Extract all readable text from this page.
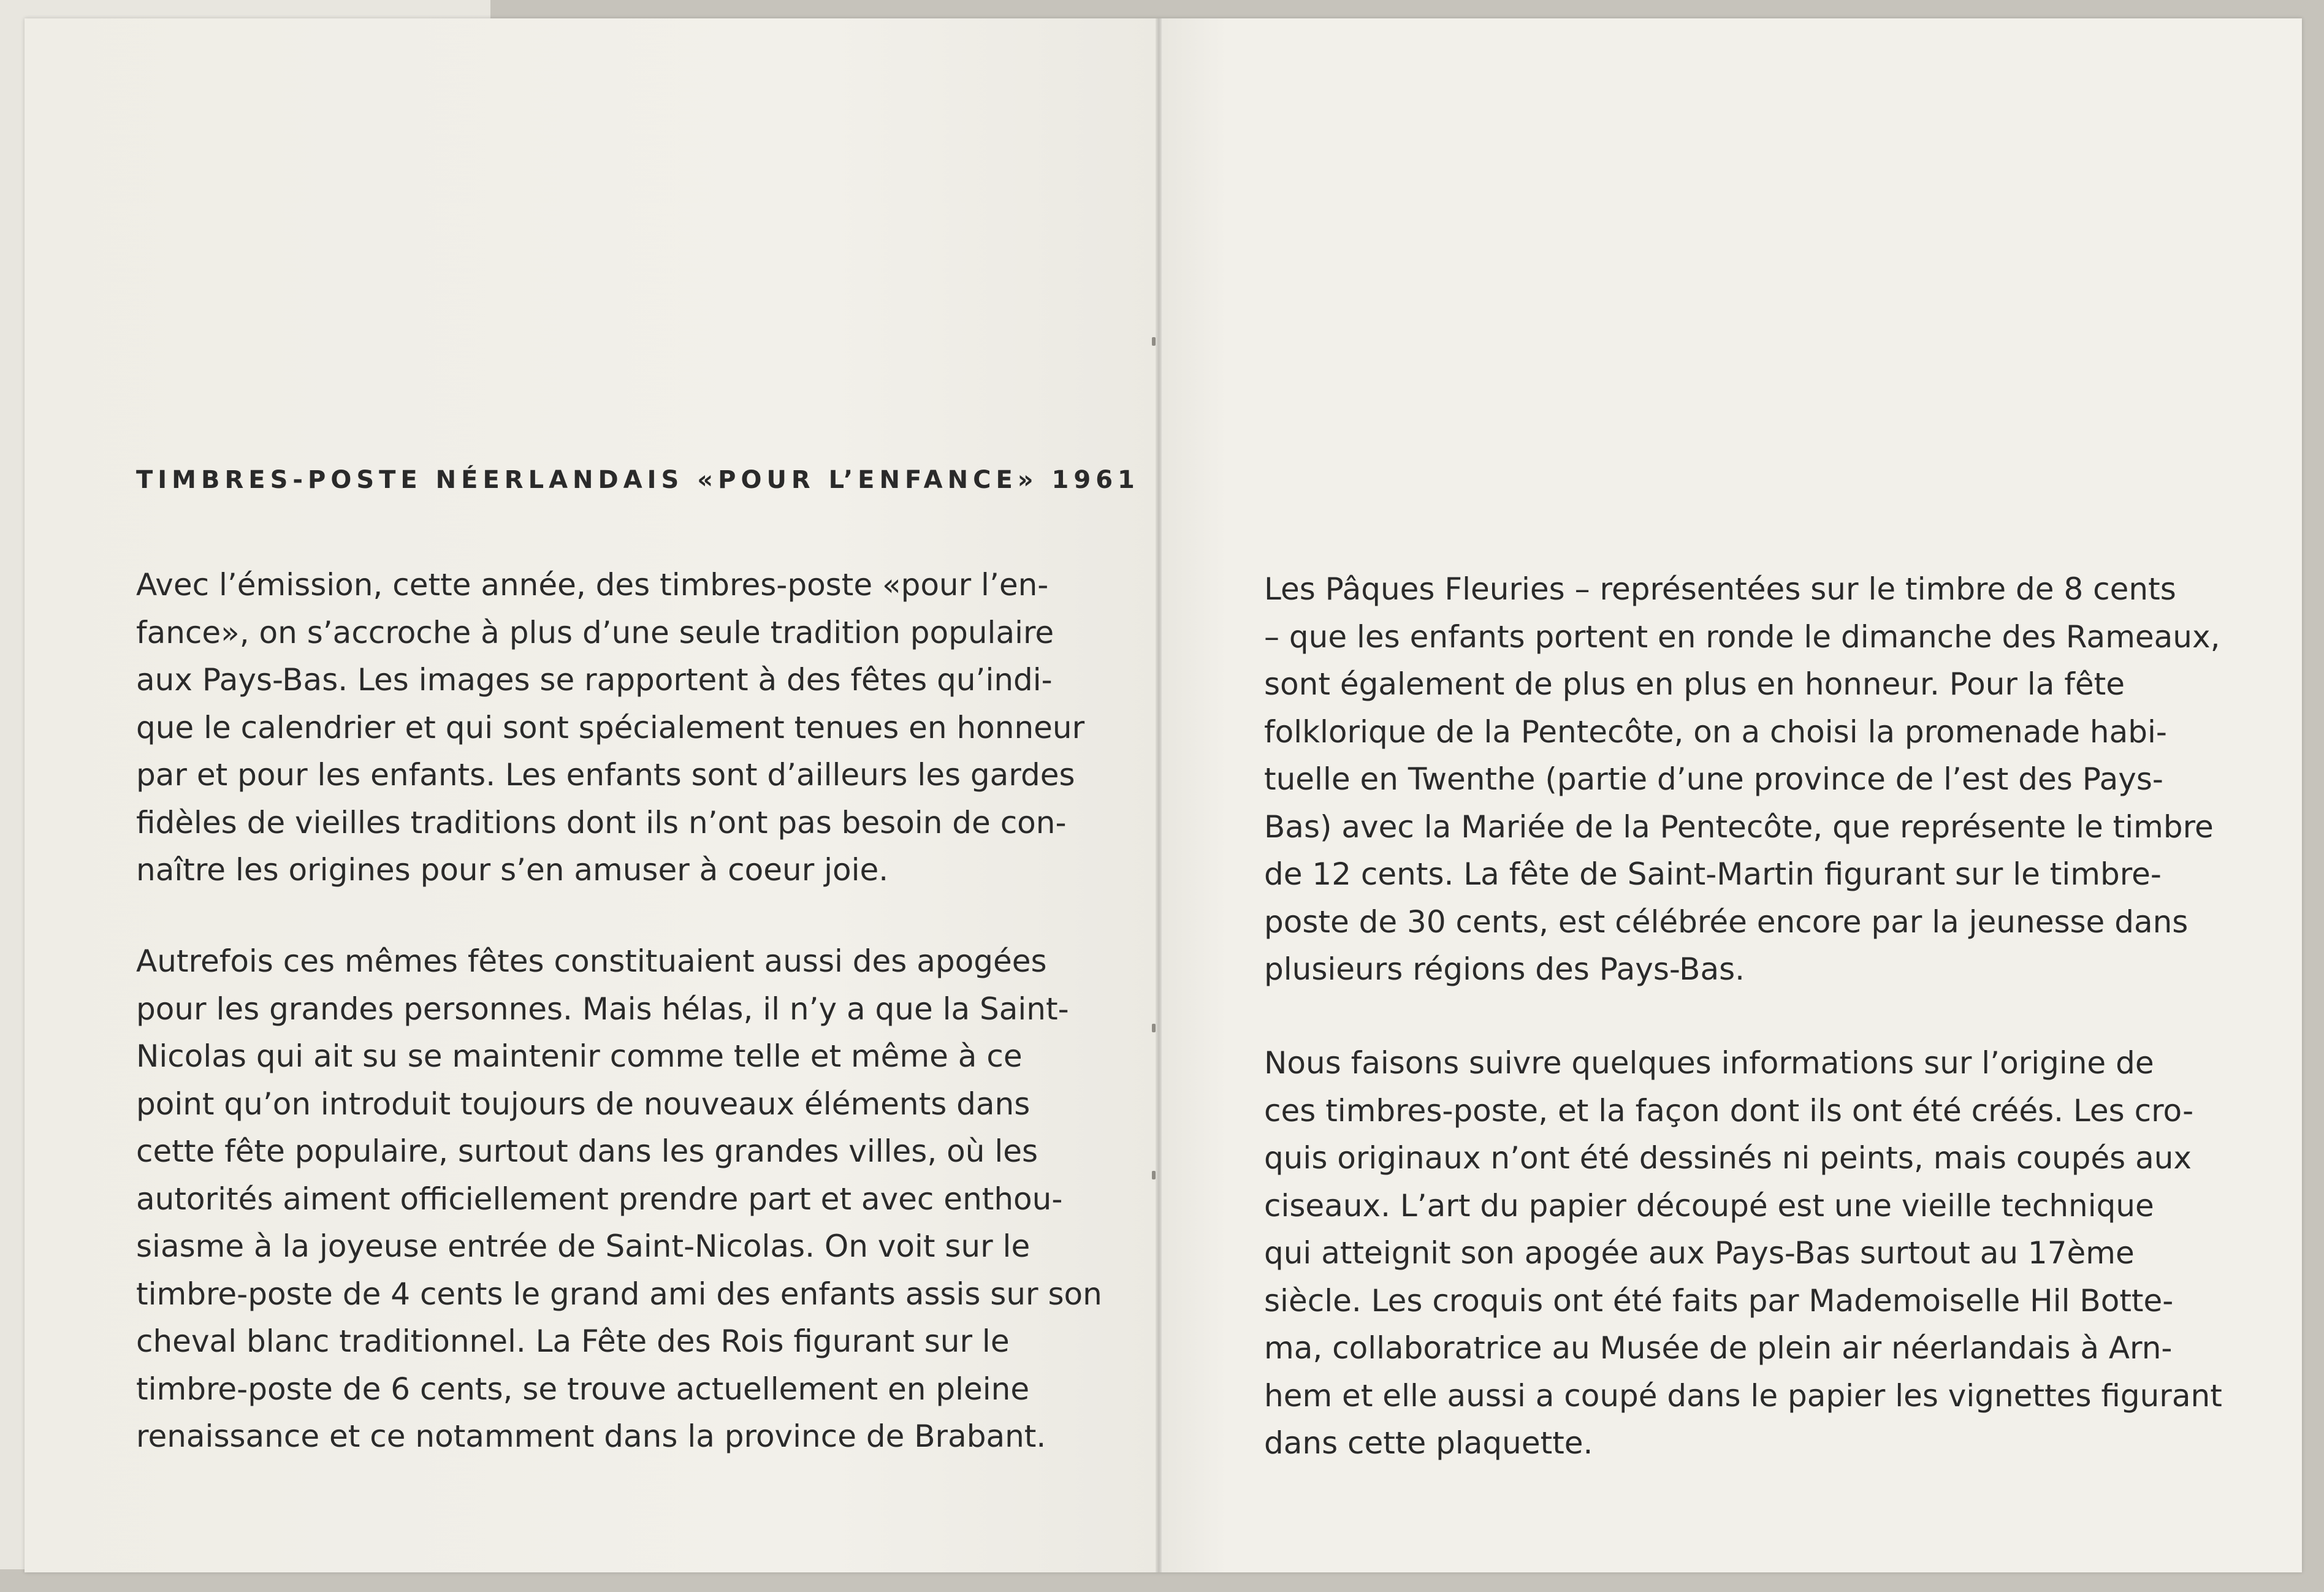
TIMBRES-POSTE NÉERLANDAIS «POUR L’ENFANCE» 1961

Avec l’émission, cette année, des timbres-poste «pour l’en-
fance», on s’accroche à plus d’une seule tradition populaire
aux Pays-Bas. Les images se rapportent à des fêtes qu’indi-
que le calendrier et qui sont spécialement tenues en honneur
par et pour les enfants. Les enfants sont d’ailleurs les gardes
fidèles de vieilles traditions dont ils n’ont pas besoin de con-
naître les origines pour s’en amuser à coeur joie.

Autrefois ces mêmes fêtes constituaient aussi des apogées
pour les grandes personnes. Mais hélas, il n’y a que la Saint-
Nicolas qui ait su se maintenir comme telle et même à ce
point qu’on introduit toujours de nouveaux éléments dans
cette fête populaire, surtout dans les grandes villes, où les
autorités aiment officiellement prendre part et avec enthou-
siasme à la joyeuse entrée de Saint-Nicolas. On voit sur le
timbre-poste de 4 cents le grand ami des enfants assis sur son
cheval blanc traditionnel. La Fête des Rois figurant sur le
timbre-poste de 6 cents, se trouve actuellement en pleine
renaissance et ce notamment dans la province de Brabant.

Les Pâques Fleuries – représentées sur le timbre de 8 cents
– que les enfants portent en ronde le dimanche des Rameaux,
sont également de plus en plus en honneur. Pour la fête
folklorique de la Pentecôte, on a choisi la promenade habi-
tuelle en Twenthe (partie d’une province de l’est des Pays-
Bas) avec la Mariée de la Pentecôte, que représente le timbre
de 12 cents. La fête de Saint-Martin figurant sur le timbre-
poste de 30 cents, est célébrée encore par la jeunesse dans
plusieurs régions des Pays-Bas.

Nous faisons suivre quelques informations sur l’origine de
ces timbres-poste, et la façon dont ils ont été créés. Les cro-
quis originaux n’ont été dessinés ni peints, mais coupés aux
ciseaux. L’art du papier découpé est une vieille technique
qui atteignit son apogée aux Pays-Bas surtout au 17ème
siècle. Les croquis ont été faits par Mademoiselle Hil Botte-
ma, collaboratrice au Musée de plein air néerlandais à Arn-
hem et elle aussi a coupé dans le papier les vignettes figurant
dans cette plaquette.
